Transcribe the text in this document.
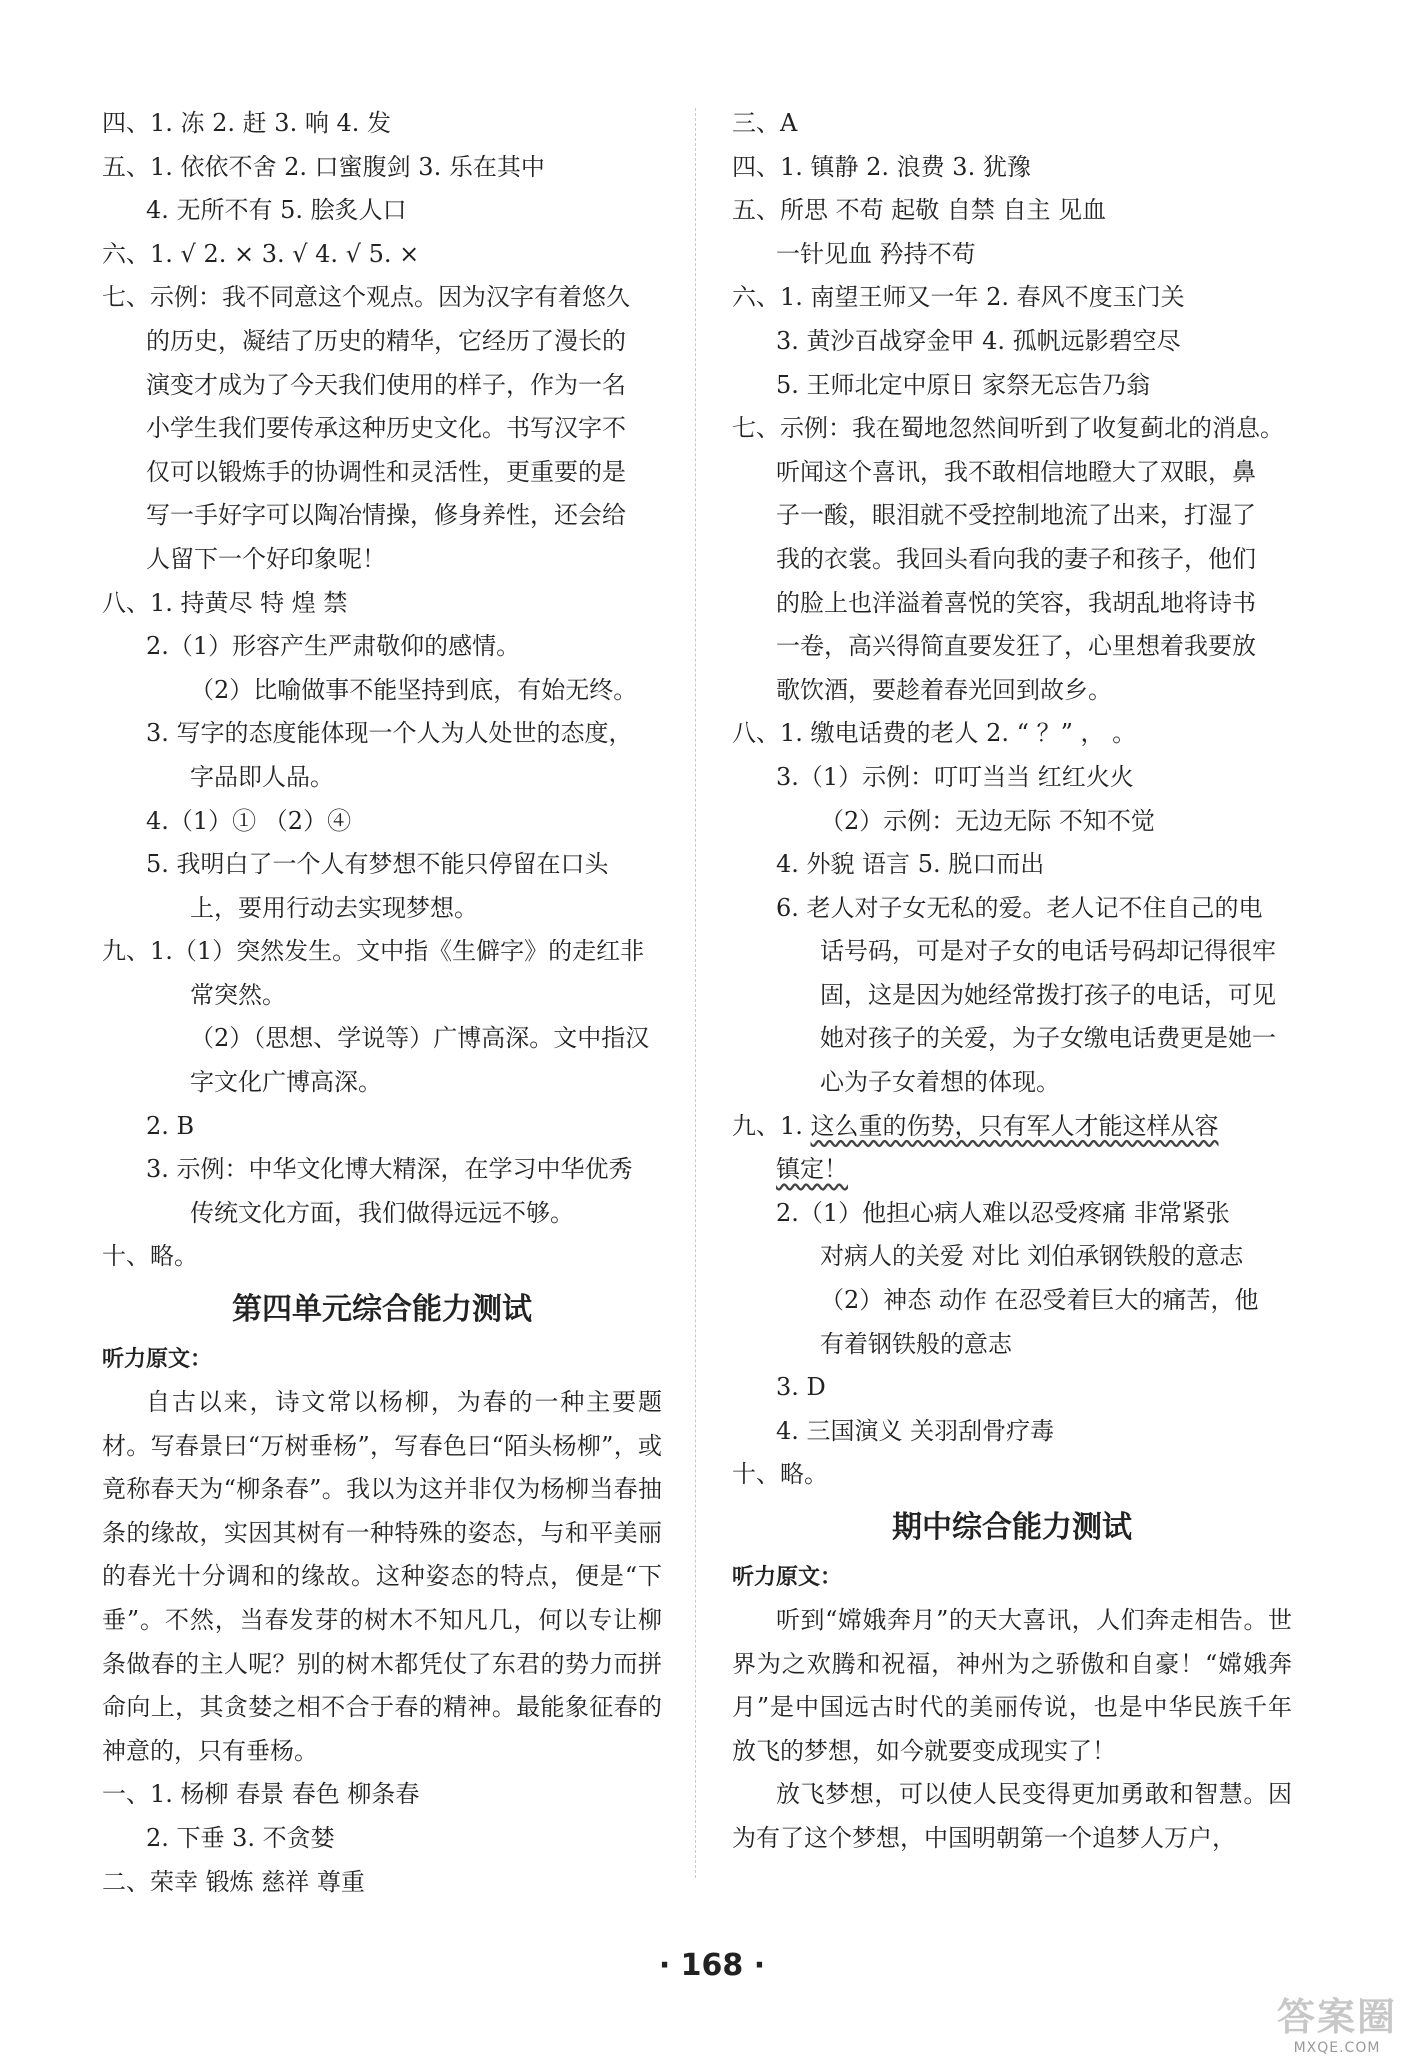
四、1. 冻 2. 赶 3. 响 4. 发
五、1. 依依不舍 2. 口蜜腹剑 3. 乐在其中
4. 无所不有 5. 脍炙人口
六、1. √ 2. × 3. √ 4. √ 5. ×
七、示例：我不同意这个观点。因为汉字有着悠久
的历史，凝结了历史的精华，它经历了漫长的
演变才成为了今天我们使用的样子，作为一名
小学生我们要传承这种历史文化。书写汉字不
仅可以锻炼手的协调性和灵活性，更重要的是
写一手好字可以陶冶情操，修身养性，还会给
人留下一个好印象呢！
八、1. 持黄尽 特 煌 禁
2.（1）形容产生严肃敬仰的感情。
（2）比喻做事不能坚持到底，有始无终。
3. 写字的态度能体现一个人为人处世的态度，
字品即人品。
4.（1）① （2）④
5. 我明白了一个人有梦想不能只停留在口头
上，要用行动去实现梦想。
九、1.（1）突然发生。文中指《生僻字》的走红非
常突然。
（2）（思想、学说等）广博高深。文中指汉
字文化广博高深。
2. B
3. 示例：中华文化博大精深，在学习中华优秀
传统文化方面，我们做得远远不够。
十、略。
第四单元综合能力测试
听力原文：
自古以来，诗文常以杨柳，为春的一种主要题材。写春景曰“万树垂杨”，写春色曰“陌头杨柳”，或竟称春天为“柳条春”。我以为这并非仅为杨柳当春抽条的缘故，实因其树有一种特殊的姿态，与和平美丽的春光十分调和的缘故。这种姿态的特点，便是“下垂”。不然，当春发芽的树木不知凡几，何以专让柳条做春的主人呢？别的树木都凭仗了东君的势力而拼命向上，其贪婪之相不合于春的精神。最能象征春的神意的，只有垂杨。
一、1. 杨柳 春景 春色 柳条春
2. 下垂 3. 不贪婪
二、荣幸 锻炼 慈祥 尊重
三、A
四、1. 镇静 2. 浪费 3. 犹豫
五、所思 不苟 起敬 自禁 自主 见血
一针见血 矜持不苟
六、1. 南望王师又一年 2. 春风不度玉门关
3. 黄沙百战穿金甲 4. 孤帆远影碧空尽
5. 王师北定中原日 家祭无忘告乃翁
七、示例：我在蜀地忽然间听到了收复蓟北的消息。
听闻这个喜讯，我不敢相信地瞪大了双眼，鼻
子一酸，眼泪就不受控制地流了出来，打湿了
我的衣裳。我回头看向我的妻子和孩子，他们
的脸上也洋溢着喜悦的笑容，我胡乱地将诗书
一卷，高兴得简直要发狂了，心里想着我要放
歌饮酒，要趁着春光回到故乡。
八、1. 缴电话费的老人 2. “ ？” ， 。
3.（1）示例：叮叮当当 红红火火
（2）示例：无边无际 不知不觉
4. 外貌 语言 5. 脱口而出
6. 老人对子女无私的爱。老人记不住自己的电
话号码，可是对子女的电话号码却记得很牢
固，这是因为她经常拨打孩子的电话，可见
她对孩子的关爱，为子女缴电话费更是她一
心为子女着想的体现。
九、1. 这么重的伤势，只有军人才能这样从容
镇定！
2.（1）他担心病人难以忍受疼痛 非常紧张
对病人的关爱 对比 刘伯承钢铁般的意志
（2）神态 动作 在忍受着巨大的痛苦，他
有着钢铁般的意志
3. D
4. 三国演义 关羽刮骨疗毒
十、略。
期中综合能力测试
听力原文：
听到“嫦娥奔月”的天大喜讯，人们奔走相告。世界为之欢腾和祝福，神州为之骄傲和自豪！“嫦娥奔月”是中国远古时代的美丽传说，也是中华民族千年放飞的梦想，如今就要变成现实了！
放飞梦想，可以使人民变得更加勇敢和智慧。因为有了这个梦想，中国明朝第一个追梦人万户，
· 168 ·
答案圈
MXQE.COM
